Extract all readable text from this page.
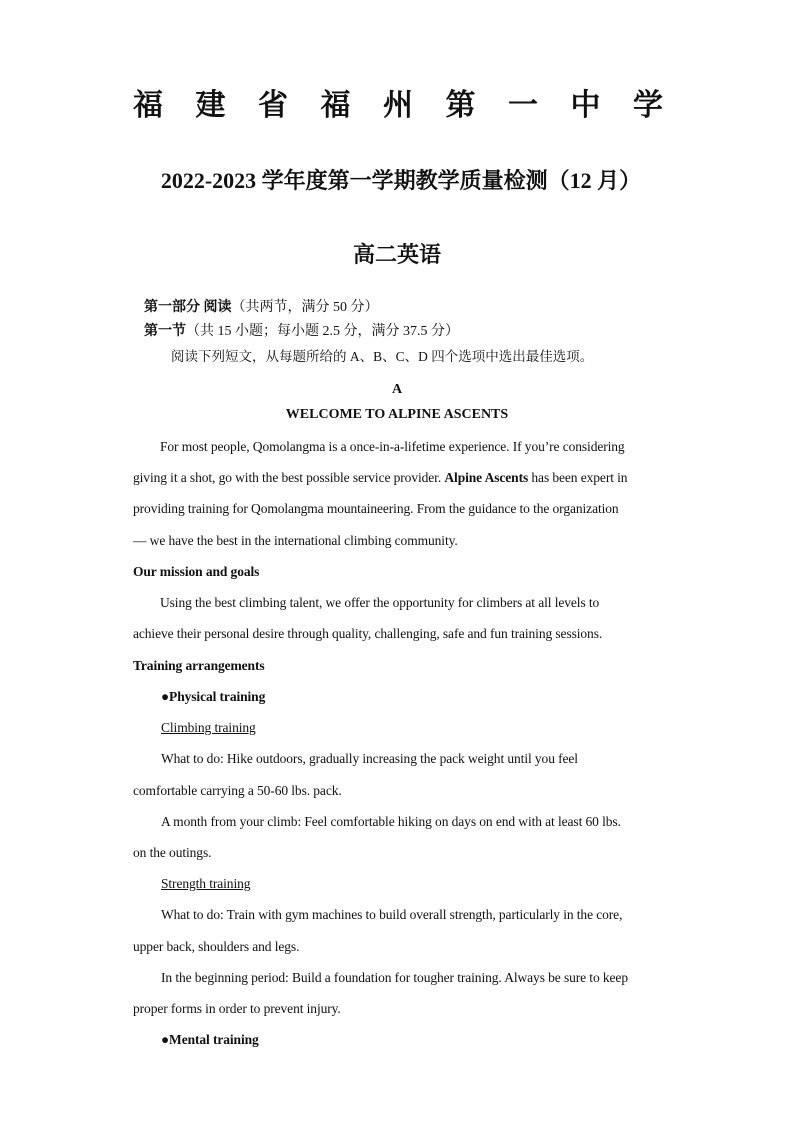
福 建 省 福 州 第 一 中 学
2022-2023 学年度第一学期教学质量检测（12 月）
高二英语
第一部分 阅读（共两节，满分 50 分）
第一节（共 15 小题；每小题 2.5 分，满分 37.5 分）
阅读下列短文，从每题所给的 A、B、C、D 四个选项中选出最佳选项。
A
WELCOME TO ALPINE ASCENTS
For most people, Qomolangma is a once-in-a-lifetime experience. If you’re considering
giving it a shot, go with the best possible service provider. Alpine Ascents has been expert in
providing training for Qomolangma mountaineering. From the guidance to the organization
— we have the best in the international climbing community.
Our mission and goals
Using the best climbing talent, we offer the opportunity for climbers at all levels to
achieve their personal desire through quality, challenging, safe and fun training sessions.
Training arrangements
●Physical training
Climbing training
What to do: Hike outdoors, gradually increasing the pack weight until you feel
comfortable carrying a 50-60 lbs. pack.
A month from your climb: Feel comfortable hiking on days on end with at least 60 lbs.
on the outings.
Strength training
What to do: Train with gym machines to build overall strength, particularly in the core,
upper back, shoulders and legs.
In the beginning period: Build a foundation for tougher training. Always be sure to keep
proper forms in order to prevent injury.
●Mental training
